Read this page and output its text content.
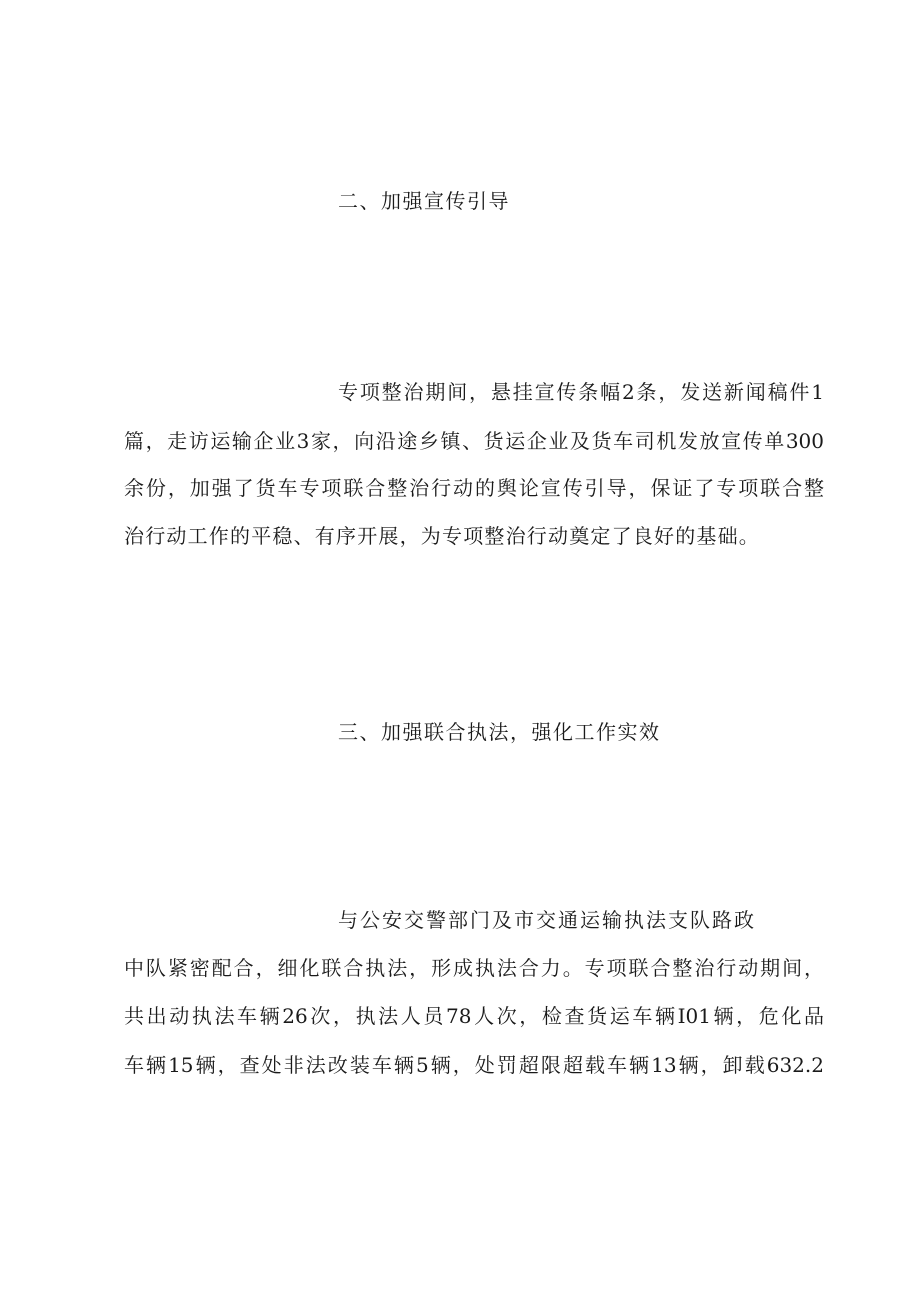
二、加强宣传引导
专项整治期间，悬挂宣传条幅2条，发送新闻稿件1
篇，走访运输企业3家，向沿途乡镇、货运企业及货车司机发放宣传单300
余份，加强了货车专项联合整治行动的舆论宣传引导，保证了专项联合整
治行动工作的平稳、有序开展，为专项整治行动奠定了良好的基础。
三、加强联合执法，强化工作实效
与公安交警部门及市交通运输执法支队路政
中队紧密配合，细化联合执法，形成执法合力。专项联合整治行动期间，
共出动执法车辆26次，执法人员78人次，检查货运车辆I01辆，危化品
车辆15辆，查处非法改装车辆5辆，处罚超限超载车辆13辆，卸载632.2
